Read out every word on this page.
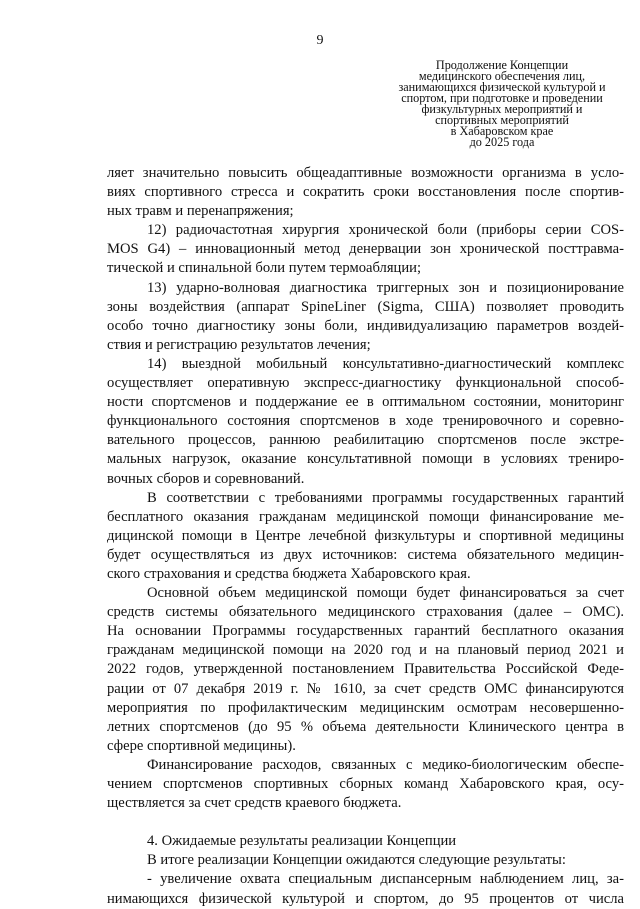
9
Продолжение Концепции
медицинского обеспечения лиц,
занимающихся физической культурой и
спортом, при подготовке и проведении
физкультурных мероприятий и
спортивных мероприятий
в Хабаровском крае
до 2025 года
ляет значительно повысить общеадаптивные возможности организма в усло-
виях спортивного стресса и сократить сроки восстановления после спортив-
ных травм и перенапряжения;
12) радиочастотная хирургия хронической боли (приборы серии COS-
MOS G4) – инновационный метод денервации зон хронической посттравма-
тической и спинальной боли путем термоабляции;
13) ударно-волновая диагностика триггерных зон и позиционирование
зоны воздействия (аппарат SpineLiner (Sigma, США) позволяет проводить
особо точно диагностику зоны боли, индивидуализацию параметров воздей-
ствия и регистрацию результатов лечения;
14) выездной мобильный консультативно-диагностический комплекс
осуществляет оперативную экспресс-диагностику функциональной способ-
ности спортсменов и поддержание ее в оптимальном состоянии, мониторинг
функционального состояния спортсменов в ходе тренировочного и соревно-
вательного процессов, раннюю реабилитацию спортсменов после экстре-
мальных нагрузок, оказание консультативной помощи в условиях трениро-
вочных сборов и соревнований.
В соответствии с требованиями программы государственных гарантий
бесплатного оказания гражданам медицинской помощи финансирование ме-
дицинской помощи в Центре лечебной физкультуры и спортивной медицины
будет осуществляться из двух источников: система обязательного медицин-
ского страхования и средства бюджета Хабаровского края.
Основной объем медицинской помощи будет финансироваться за счет
средств системы обязательного медицинского страхования (далее – ОМС).
На основании Программы государственных гарантий бесплатного оказания
гражданам медицинской помощи на 2020 год и на плановый период 2021 и
2022 годов, утвержденной постановлением Правительства Российской Феде-
рации от 07 декабря 2019 г. № 1610, за счет средств ОМС финансируются
мероприятия по профилактическим медицинским осмотрам несовершенно-
летних спортсменов (до 95 % объема деятельности Клинического центра в
сфере спортивной медицины).
Финансирование расходов, связанных с медико-биологическим обеспе-
чением спортсменов спортивных сборных команд Хабаровского края, осу-
ществляется за счет средств краевого бюджета.
4. Ожидаемые результаты реализации Концепции
В итоге реализации Концепции ожидаются следующие результаты:
- увеличение охвата специальным диспансерным наблюдением лиц, за-
нимающихся физической культурой и спортом, до 95 процентов от числа
